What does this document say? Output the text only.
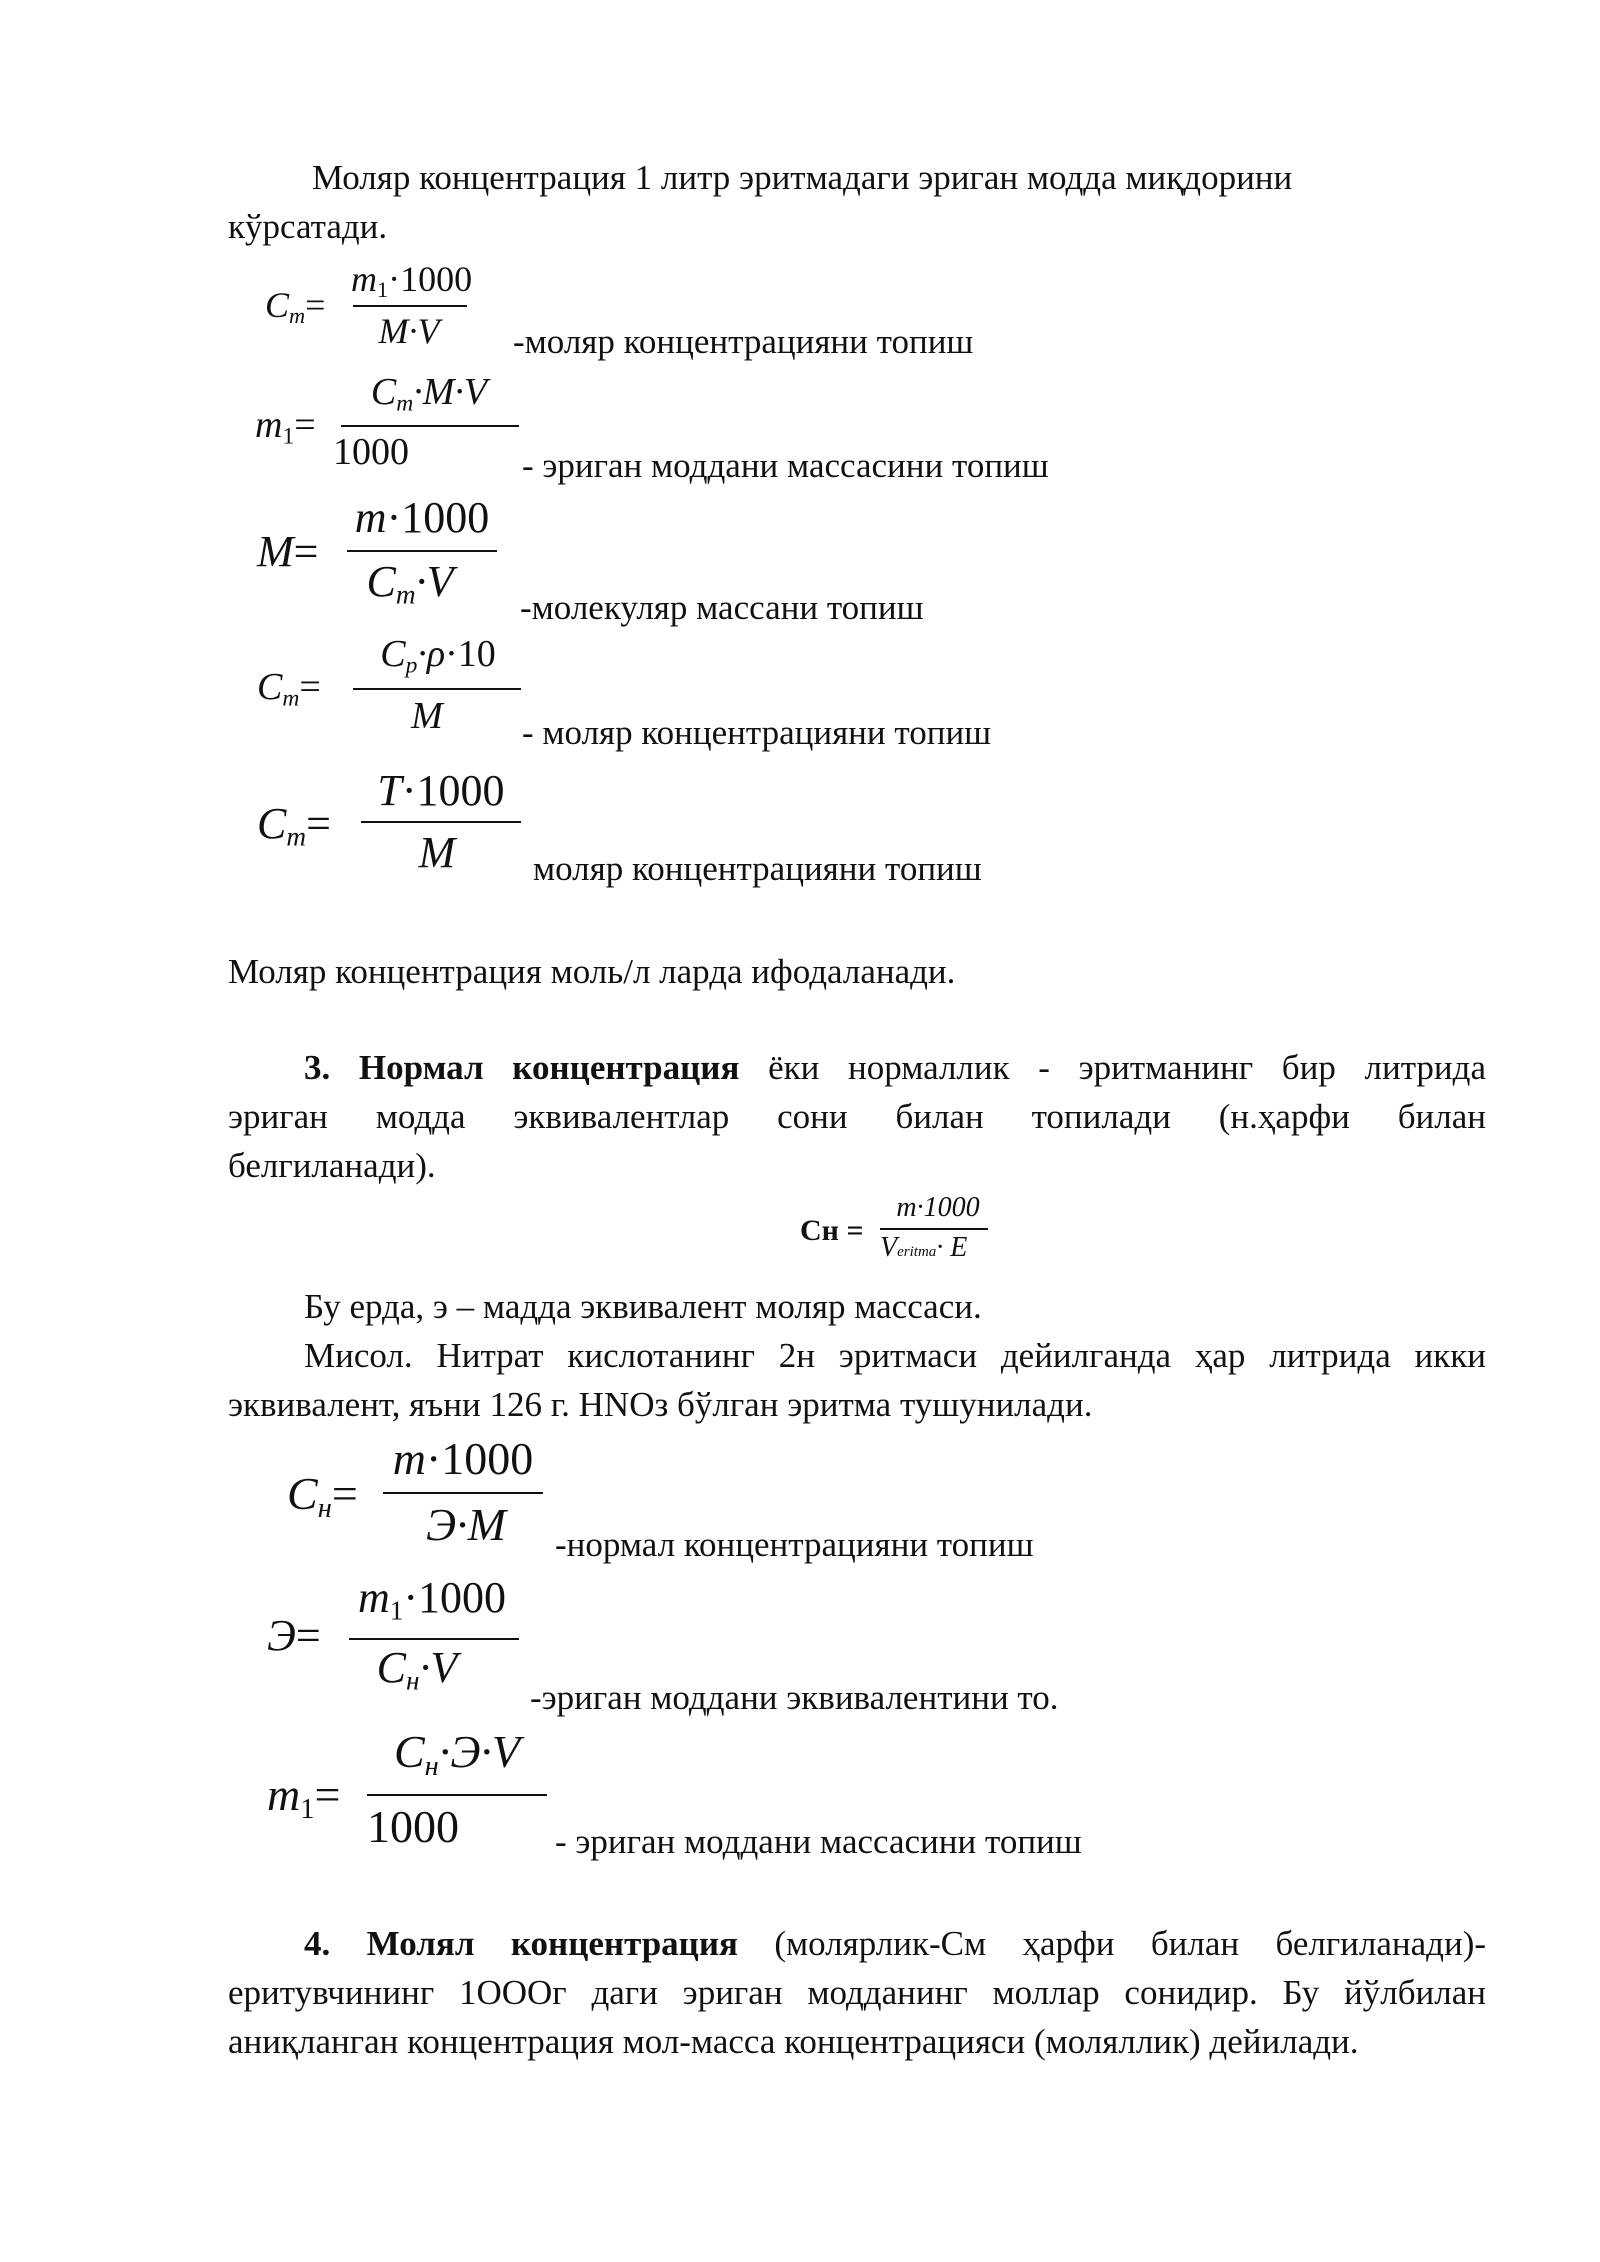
Моляр концентрация 1 литр эритмадаги эриган модда миқдорини
кўрсатади.
$C_m=$
$m_1\cdot 1000$
M·V	-моляр концентрацияни топиш
$m_1=$
$C_m\cdot M\cdot V$
1000	- эриган моддани массасини топиш
M=
m·1000
$C_m\cdot V$
-молекуляр массани топиш
$C_m=$
$C_p\cdot\rho\cdot 10$
M	- моляр концентрацияни топиш
$C_m=$
T·1000
M	моляр концентрацияни топиш
Моляр концентрация моль/л ларда ифодаланади.
3. Нормал концентрация ёки нормаллик - эритманинг бир литрида
эриган модда эквивалентлар сони билан топилади (н.ҳарфи билан
белгиланади).
Сн =
m·1000
Veritma· E
Бу ерда, э – мадда эквивалент моляр массаси.
Мисол. Нитрат кислотанинг 2н эритмаси дейилганда ҳар литрида икки
эквивалент, яъни 126 г. HNOз бўлган эритма тушунилади.
$C_н=$
m·1000
Э·M	-нормал концентрацияни топиш
Э=
$m_1\cdot 1000$
$C_н\cdot V$
-эриган моддани эквивалентини то.
$m_1=$
$C_н\cdot Э\cdot V$
1000	- эриган моддани массасини топиш
4. Молял концентрация (молярлик-См ҳарфи билан белгиланади)-
еритувчининг 1ООOг даги эриган модданинг моллар сонидир. Бу йўлбилан
аниқланган концентрация мол-масса концентрацияси (моляллик) дейилади.
